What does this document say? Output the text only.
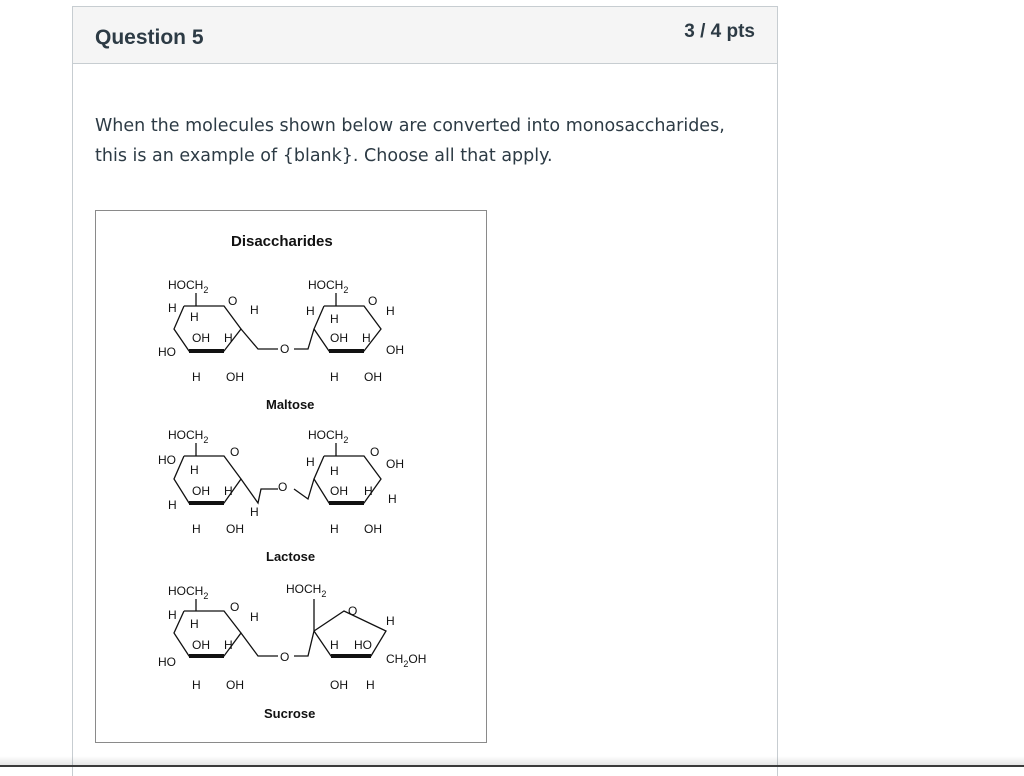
Question 5	3 / 4 pts
When the molecules shown below are converted into monosaccharides, this is an example of {blank}. Choose all that apply.
Disaccharides
$HOCH_2$	$HOCH_2$
O	O
O
H
H	H
H
H
H
H
H
H
H
OH
OH
OH
OH
OH
HO
Maltose
$HOCH_2$	$HOCH_2$
O	O
O
HO
H
OH H
H	H
H OH
H
H	OH
OH H
H
H OH
Lactose
$HOCH_2$	$HOCH_2$
O	O
O
H
H	H
OH H
HO
H OH
H
H HO
$CH_2OH$
OH H
Sucrose
